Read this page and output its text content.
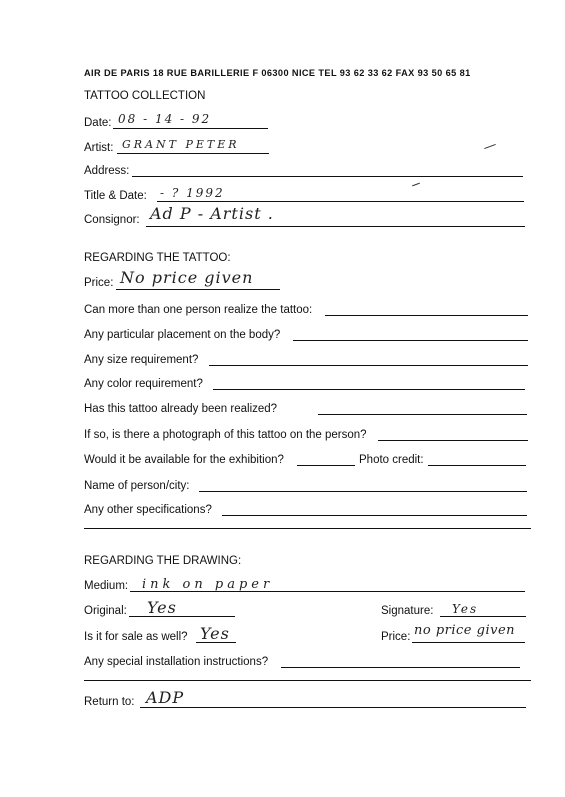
AIR DE PARIS 18 RUE BARILLERIE F 06300 NICE TEL 93 62 33 62 FAX 93 50 65 81
TATTOO COLLECTION
Date: 08 - 14 - 92
Artist: GRANT PETER
Address:
Title & Date: - ? 1992
Consignor: Ad P - Artist .
REGARDING THE TATTOO:
Price: No price given
Can more than one person realize the tattoo:
Any particular placement on the body?
Any size requirement?
Any color requirement?
Has this tattoo already been realized?
If so, is there a photograph of this tattoo on the person?
Would it be available for the exhibition?	Photo credit:
Name of person/city:
Any other specifications?
REGARDING THE DRAWING:
Medium: ink on paper
Original: Yes	Signature: Yes
Is it for sale as well? Yes	Price: no price given
Any special installation instructions?
Return to: ADP
